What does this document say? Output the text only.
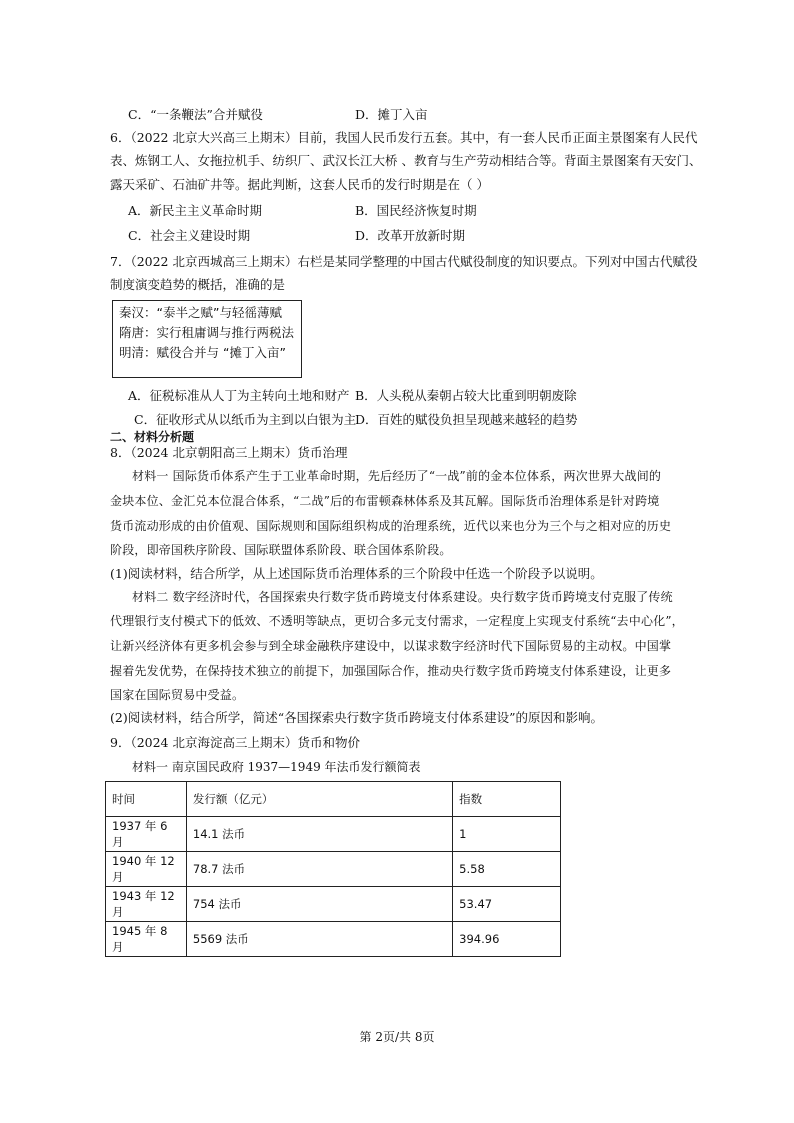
C．“一条鞭法”合并赋役	D．摊丁入亩
6．（2022 北京大兴高三上期末）目前，我国人民币发行五套。其中，有一套人民币正面主景图案有人民代
表、炼钢工人、女拖拉机手、纺织厂、武汉长江大桥 、教育与生产劳动相结合等。背面主景图案有天安门、
露天采矿、石油矿井等。据此判断，这套人民币的发行时期是在（ ）
A．新民主主义革命时期	B．国民经济恢复时期
C．社会主义建设时期	D．改革开放新时期
7．（2022 北京西城高三上期末）右栏是某同学整理的中国古代赋役制度的知识要点。下列对中国古代赋役
制度演变趋势的概括，准确的是
秦汉：“泰半之赋”与轻徭薄赋
隋唐：实行租庸调与推行两税法
明清：赋役合并与 “摊丁入亩”
A．征税标准从人丁为主转向土地和财产 B．人头税从秦朝占较大比重到明朝废除
C．征收形式从以纸币为主到以白银为主
D．百姓的赋役负担呈现越来越轻的趋势
二、材料分析题
8．（2024 北京朝阳高三上期末）货币治理
材料一 国际货币体系产生于工业革命时期，先后经历了“一战”前的金本位体系，两次世界大战间的
金块本位、金汇兑本位混合体系，“二战”后的布雷顿森林体系及其瓦解。国际货币治理体系是针对跨境
货币流动形成的由价值观、国际规则和国际组织构成的治理系统，近代以来也分为三个与之相对应的历史
阶段，即帝国秩序阶段、国际联盟体系阶段、联合国体系阶段。
(1)阅读材料，结合所学，从上述国际货币治理体系的三个阶段中任选一个阶段予以说明。
材料二 数字经济时代，各国探索央行数字货币跨境支付体系建设。央行数字货币跨境支付克服了传统
代理银行支付模式下的低效、不透明等缺点，更切合多元支付需求，一定程度上实现支付系统“去中心化”，
让新兴经济体有更多机会参与到全球金融秩序建设中，以谋求数字经济时代下国际贸易的主动权。中国掌
握着先发优势，在保持技术独立的前提下，加强国际合作，推动央行数字货币跨境支付体系建设，让更多
国家在国际贸易中受益。
(2)阅读材料，结合所学，简述“各国探索央行数字货币跨境支付体系建设”的原因和影响。
9．（2024 北京海淀高三上期末）货币和物价
材料一 南京国民政府 1937—1949 年法币发行额简表
时间	发行额（亿元）	指数
1937 年 6 月	14.1 法币	1
1940 年 12 月	78.7 法币	5.58
1943 年 12 月	754 法币	53.47
1945 年 8 月	5569 法币	394.96
第 2页/共 8页
